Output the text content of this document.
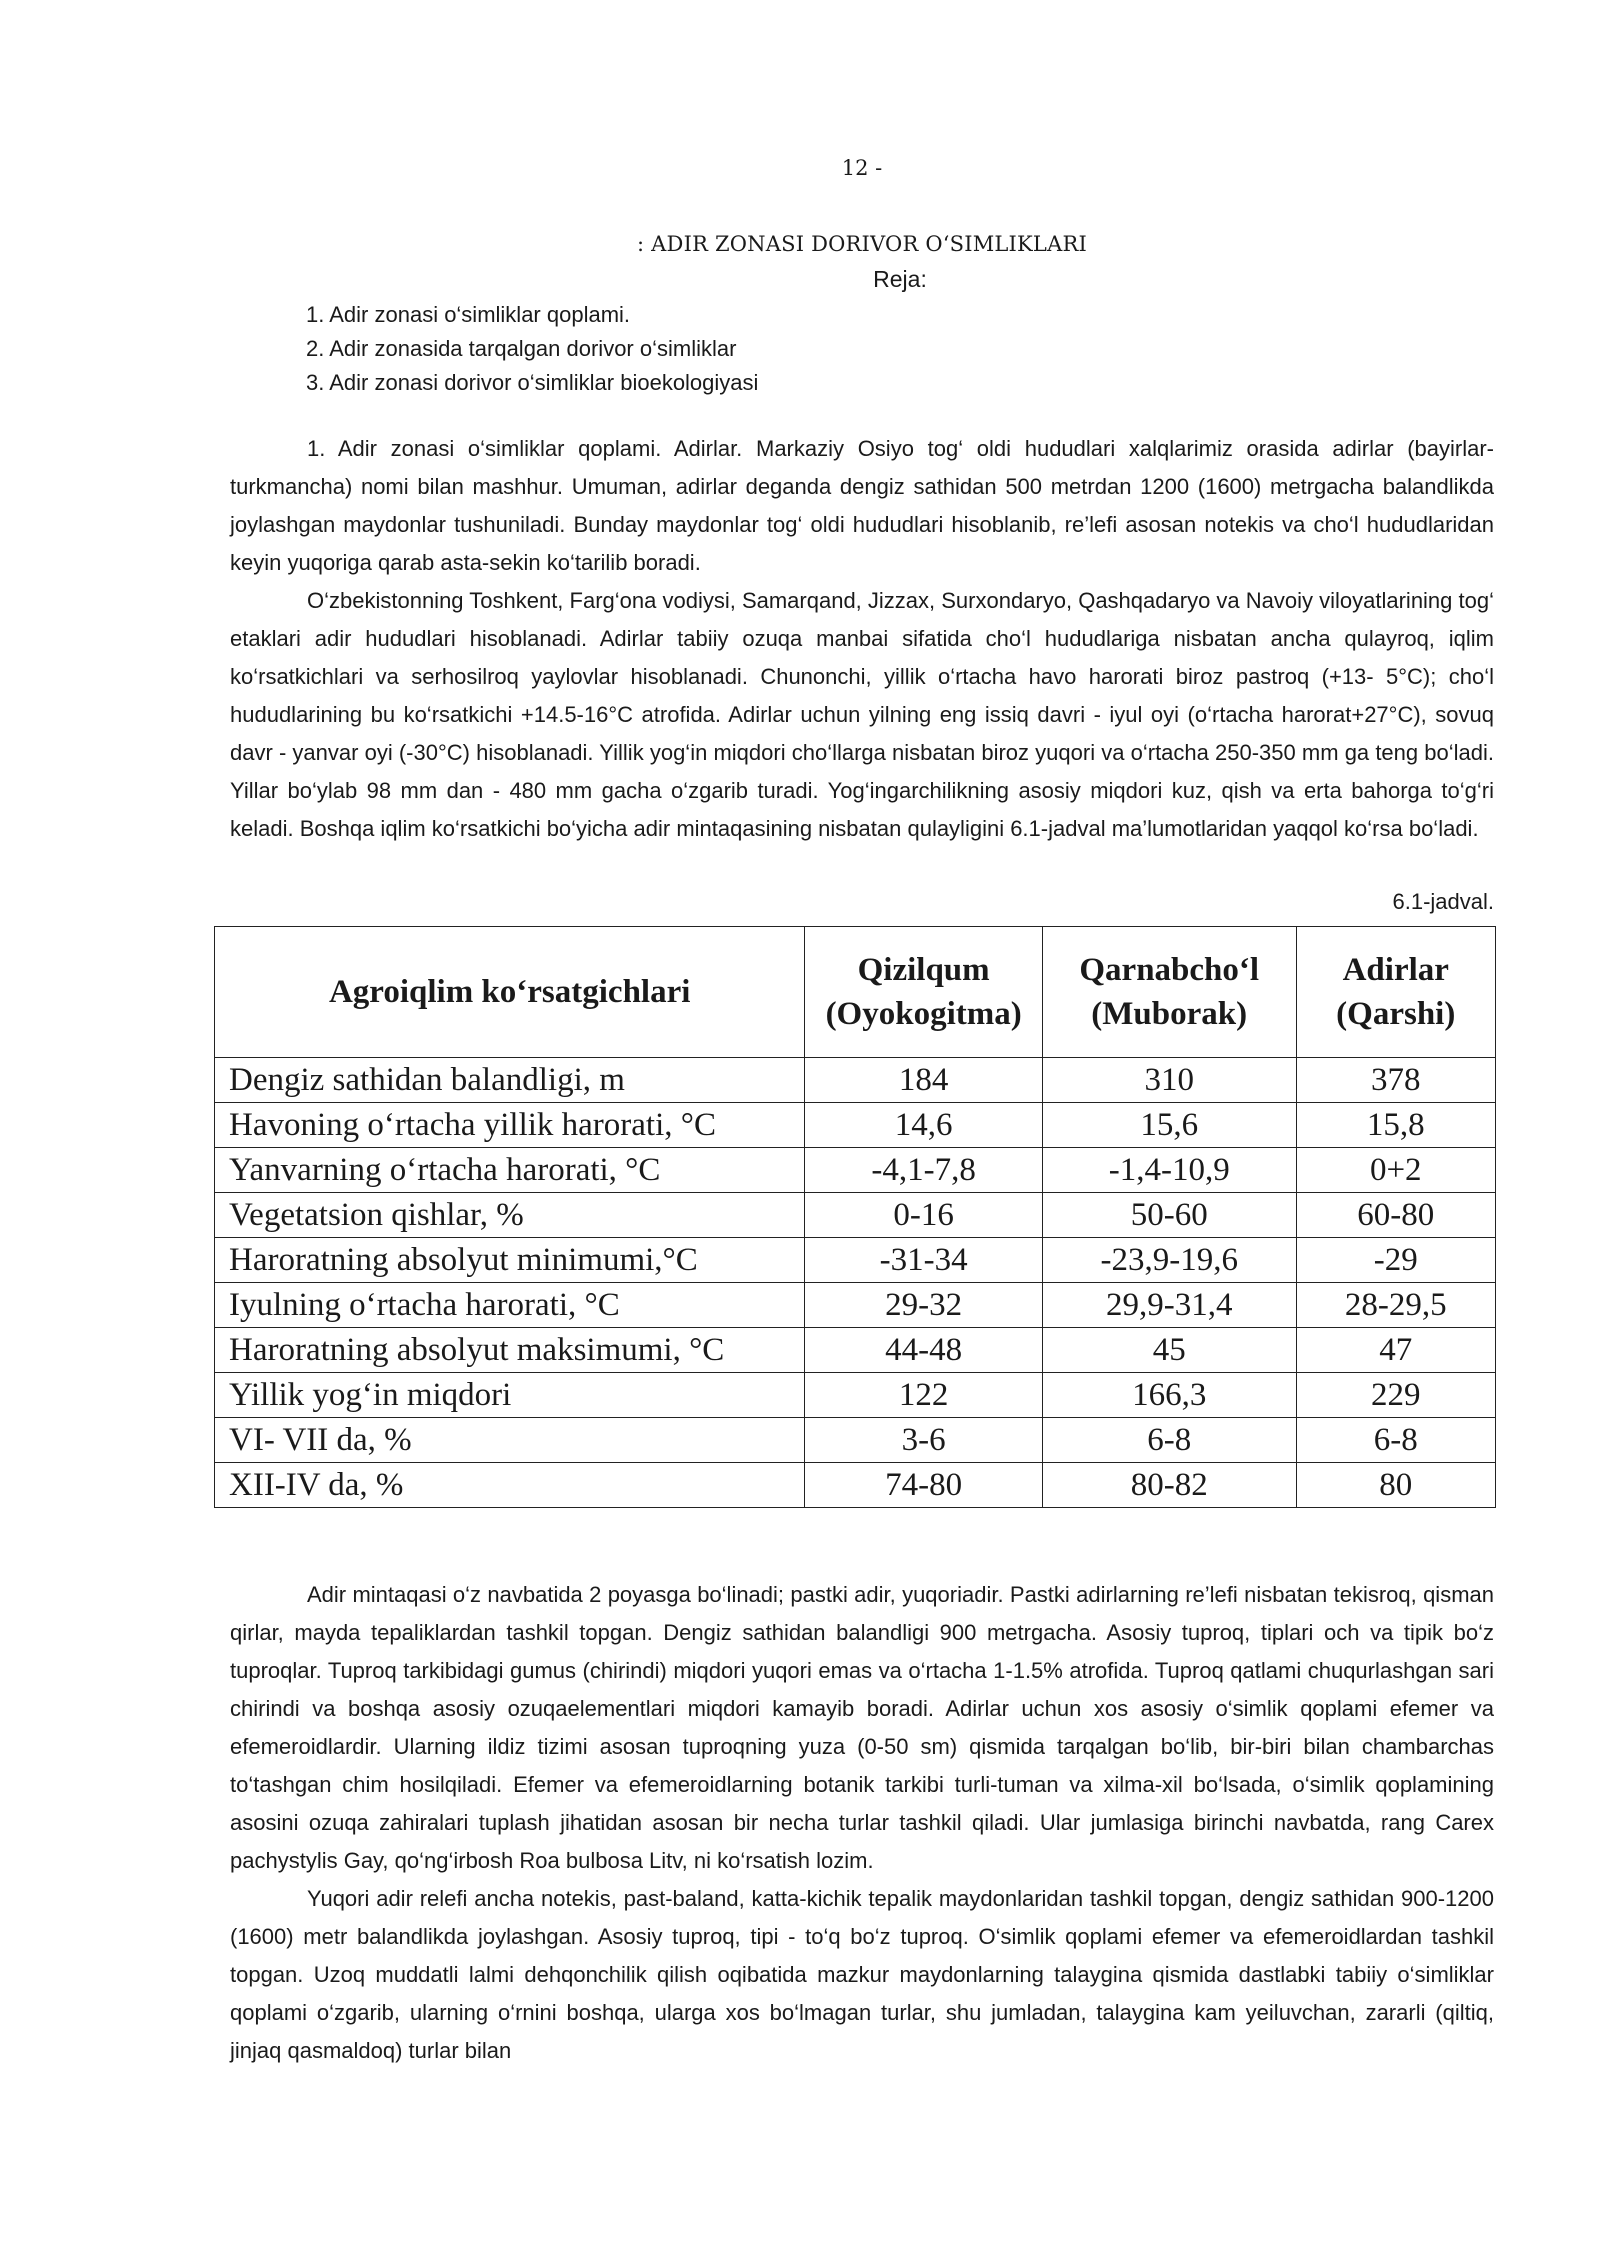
12 -
: ADIR ZONASI DORIVOR O‘SIMLIKLARI
Reja:
1. Adir zonasi o‘simliklar qoplami.
2. Adir zonasida tarqalgan dorivor o‘simliklar
3. Adir zonasi dorivor o‘simliklar bioekologiyasi

1. Adir zonasi o‘simliklar qoplami. Adirlar. Markaziy Osiyo tog‘ oldi hududlari xalqlarimiz orasida adirlar (bayirlar-turkmancha) nomi bilan mashhur. Umuman, adirlar deganda dengiz sathidan 500 metrdan 1200 (1600) metrgacha balandlikda joylashgan maydonlar tushuniladi. Bunday maydonlar tog‘ oldi hududlari hisoblanib, re’lefi asosan notekis va cho‘l hududlaridan keyin yuqoriga qarab asta-sekin ko‘tarilib boradi.

O‘zbekistonning Toshkent, Farg‘ona vodiysi, Samarqand, Jizzax, Surxondaryo, Qashqadaryo va Navoiy viloyatlarining tog‘ etaklari adir hududlari hisoblanadi. Adirlar tabiiy ozuqa manbai sifatida cho‘l hududlariga nisbatan ancha qulayroq, iqlim ko‘rsatkichlari va serhosilroq yaylovlar hisoblanadi. Chunonchi, yillik o‘rtacha havo harorati biroz pastroq (+13- 5°C); cho‘l hududlarining bu ko‘rsatkichi +14.5-16°C atrofida. Adirlar uchun yilning eng issiq davri - iyul oyi (o‘rtacha harorat+27°C), sovuq davr - yanvar oyi (-30°C) hisoblanadi. Yillik yog‘in miqdori cho‘llarga nisbatan biroz yuqori va o‘rtacha 250-350 mm ga teng bo‘ladi. Yillar bo‘ylab 98 mm dan - 480 mm gacha o‘zgarib turadi. Yog‘ingarchilikning asosiy miqdori kuz, qish va erta bahorga to‘g‘ri keladi. Boshqa iqlim ko‘rsatkichi bo‘yicha adir mintaqasining nisbatan qulayligini 6.1-jadval ma’lumotlaridan yaqqol ko‘rsa bo‘ladi.

6.1-jadval.
Agroiqlim ko‘rsatgichlari	Qizilqum (Oyokogitma)	Qarnabcho‘l (Muborak)	Adirlar (Qarshi)
Dengiz sathidan balandligi, m	184	310	378
Havoning o‘rtacha yillik harorati, °C	14,6	15,6	15,8
Yanvarning o‘rtacha harorati, °C	-4,1-7,8	-1,4-10,9	0+2
Vegetatsion qishlar, %	0-16	50-60	60-80
Haroratning absolyut minimumi,°C	-31-34	-23,9-19,6	-29
Iyulning o‘rtacha harorati, °C	29-32	29,9-31,4	28-29,5
Haroratning absolyut maksimumi, °C	44-48	45	47
Yillik yog‘in miqdori	122	166,3	229
VI- VII da, %	3-6	6-8	6-8
XII-IV da, %	74-80	80-82	80

Adir mintaqasi o‘z navbatida 2 poyasga bo‘linadi; pastki adir, yuqoriadir. Pastki adirlarning re’lefi nisbatan tekisroq, qisman qirlar, mayda tepaliklardan tashkil topgan. Dengiz sathidan balandligi 900 metrgacha. Asosiy tuproq, tiplari och va tipik bo‘z tuproqlar. Tuproq tarkibidagi gumus (chirindi) miqdori yuqori emas va o‘rtacha 1-1.5% atrofida. Tuproq qatlami chuqurlashgan sari chirindi va boshqa asosiy ozuqaelementlari miqdori kamayib boradi. Adirlar uchun xos asosiy o‘simlik qoplami efemer va efemeroidlardir. Ularning ildiz tizimi asosan tuproqning yuza (0-50 sm) qismida tarqalgan bo‘lib, bir-biri bilan chambarchas to‘tashgan chim hosilqiladi. Efemer va efemeroidlarning botanik tarkibi turli-tuman va xilma-xil bo‘lsada, o‘simlik qoplamining asosini ozuqa zahiralari tuplash jihatidan asosan bir necha turlar tashkil qiladi. Ular jumlasiga birinchi navbatda, rang Carex pachystylis Gay, qo‘ng‘irbosh Roa bulbosa Litv, ni ko‘rsatish lozim.

Yuqori adir relefi ancha notekis, past-baland, katta-kichik tepalik maydonlaridan tashkil topgan, dengiz sathidan 900-1200 (1600) metr balandlikda joylashgan. Asosiy tuproq, tipi - to‘q bo‘z tuproq. O‘simlik qoplami efemer va efemeroidlardan tashkil topgan. Uzoq muddatli lalmi dehqonchilik qilish oqibatida mazkur maydonlarning talaygina qismida dastlabki tabiiy o‘simliklar qoplami o‘zgarib, ularning o‘rnini boshqa, ularga xos bo‘lmagan turlar, shu jumladan, talaygina kam yeiluvchan, zararli (qiltiq, jinjaq qasmaldoq) turlar bilan
